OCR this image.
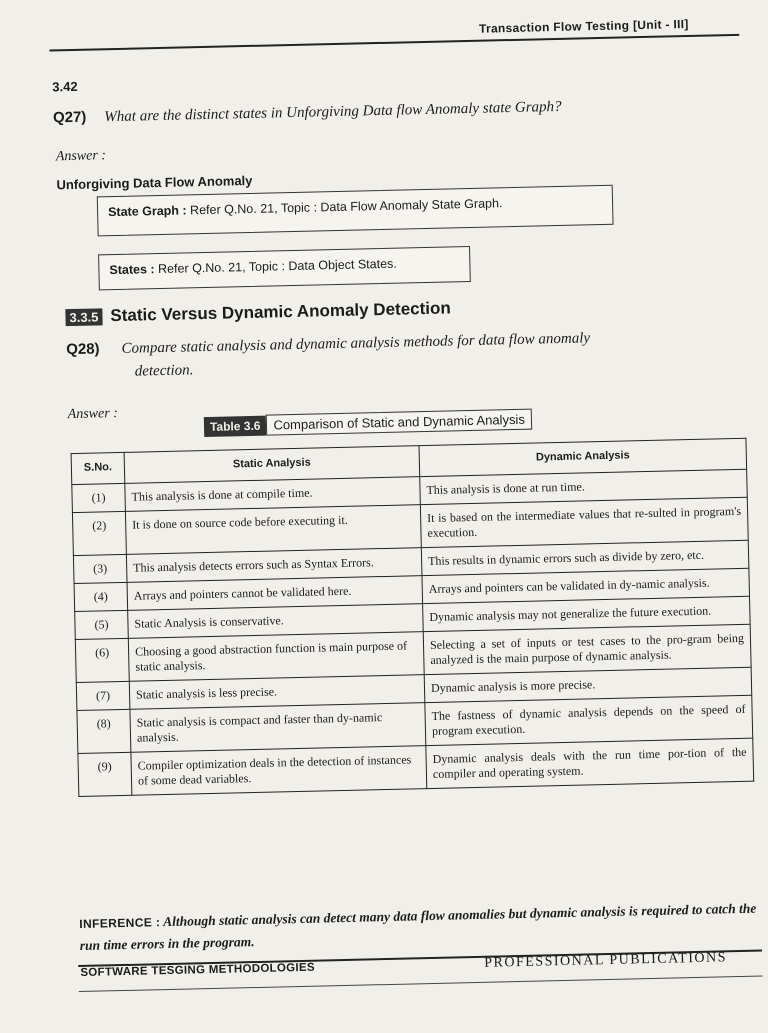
Transaction Flow Testing [Unit - III]
3.42
Q27) What are the distinct states in Unforgiving Data flow Anomaly state Graph?
Answer :
Unforgiving Data Flow Anomaly
State Graph : Refer Q.No. 21, Topic : Data Flow Anomaly State Graph.
States : Refer Q.No. 21, Topic : Data Object States.
3.3.5 Static Versus Dynamic Anomaly Detection
Q28) Compare static analysis and dynamic analysis methods for data flow anomaly
detection.
Answer :
Table 3.6 Comparison of Static and Dynamic Analysis
S.No.	Static Analysis	Dynamic Analysis
(1)	This analysis is done at compile time.	This analysis is done at run time.
(2)	It is done on source code before executing it.	It is based on the intermediate values that re-sulted in program's execution.
(3)	This analysis detects errors such as Syntax Errors.	This results in dynamic errors such as divide by zero, etc.
(4)	Arrays and pointers cannot be validated here.	Arrays and pointers can be validated in dy-namic analysis.
(5)	Static Analysis is conservative.	Dynamic analysis may not generalize the future execution.
(6)	Choosing a good abstraction function is main purpose of static analysis.	Selecting a set of inputs or test cases to the pro-gram being analyzed is the main purpose of dynamic analysis.
(7)	Static analysis is less precise.	Dynamic analysis is more precise.
(8)	Static analysis is compact and faster than dy-namic analysis.	The fastness of dynamic analysis depends on the speed of program execution.
(9)	Compiler optimization deals in the detection of instances of some dead variables.	Dynamic analysis deals with the run time por-tion of the compiler and operating system.
INFERENCE : Although static analysis can detect many data flow anomalies but dynamic analysis is required to catch the run time errors in the program.
SOFTWARE TESGING METHODOLOGIES	PROFESSIONAL PUBLICATIONS
